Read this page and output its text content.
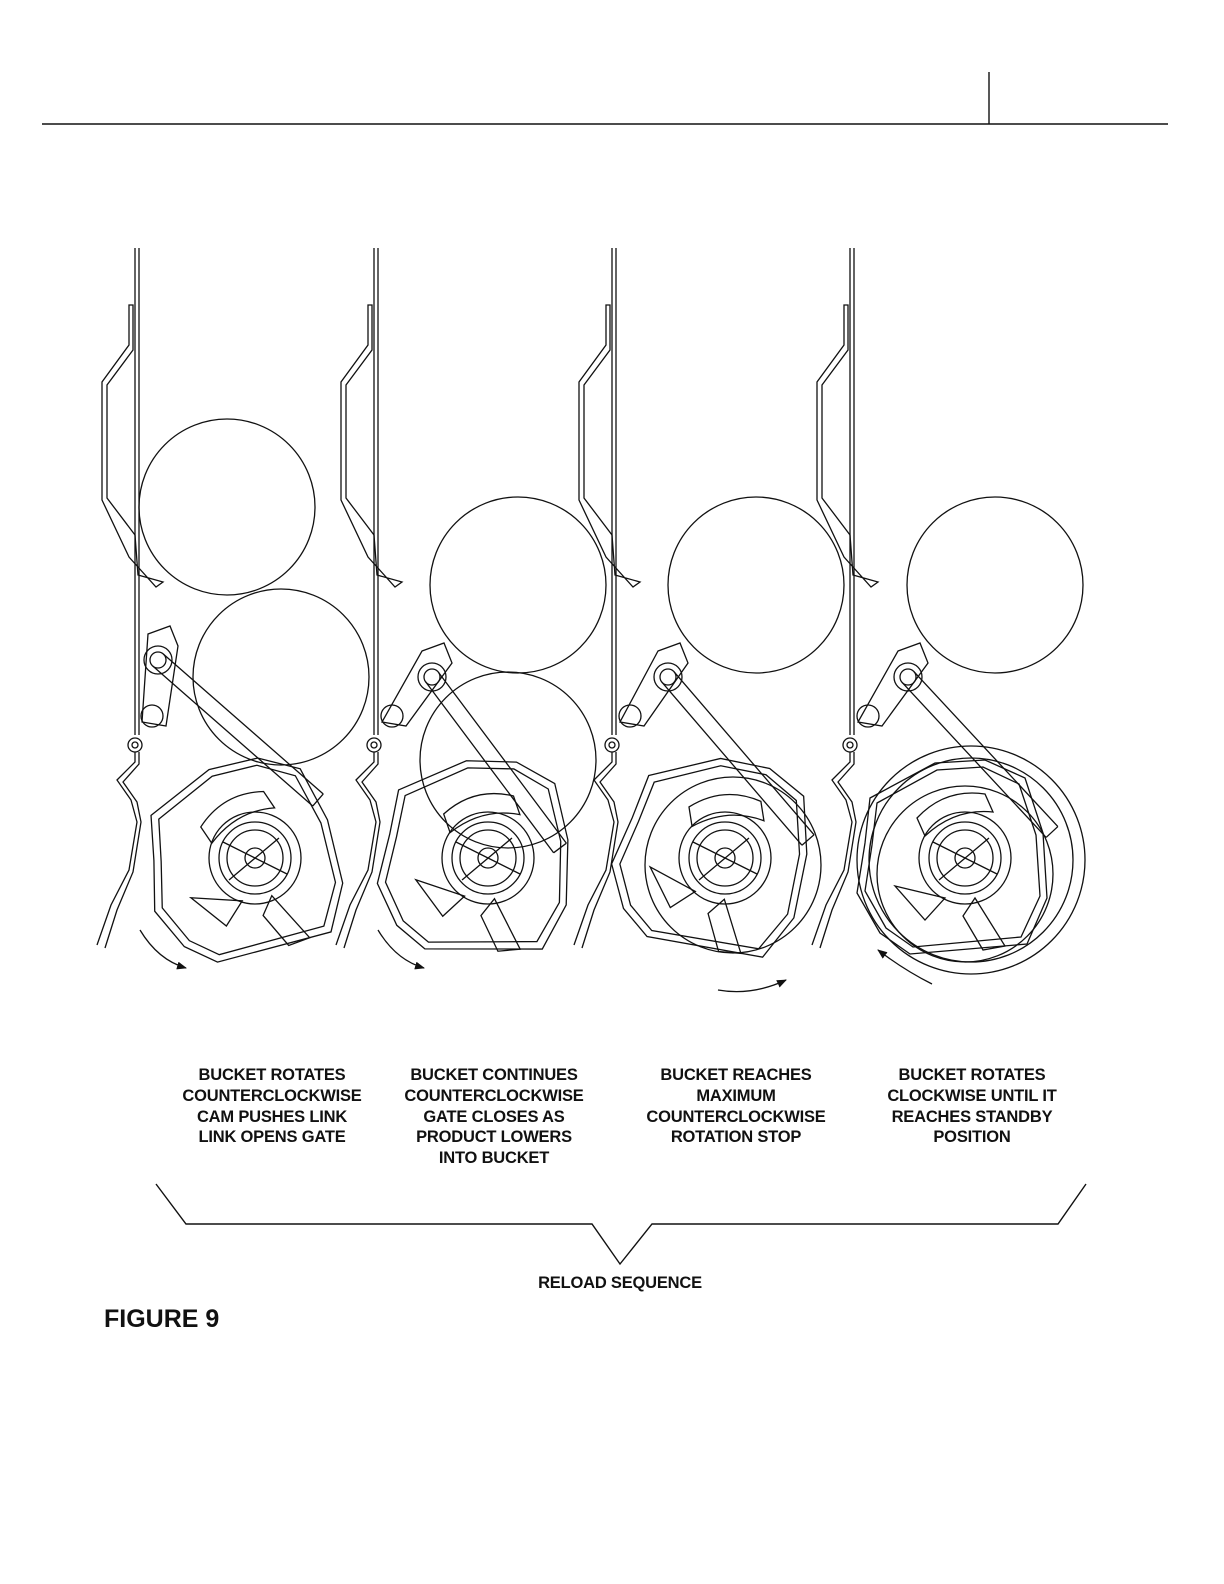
BUCKET ROTATES
COUNTERCLOCKWISE
CAM PUSHES LINK
LINK OPENS GATE
BUCKET CONTINUES
COUNTERCLOCKWISE
GATE CLOSES AS
PRODUCT LOWERS
INTO BUCKET
BUCKET REACHES
MAXIMUM
COUNTERCLOCKWISE
ROTATION STOP
BUCKET ROTATES
CLOCKWISE UNTIL IT
REACHES STANDBY
POSITION
RELOAD SEQUENCE
FIGURE 9
